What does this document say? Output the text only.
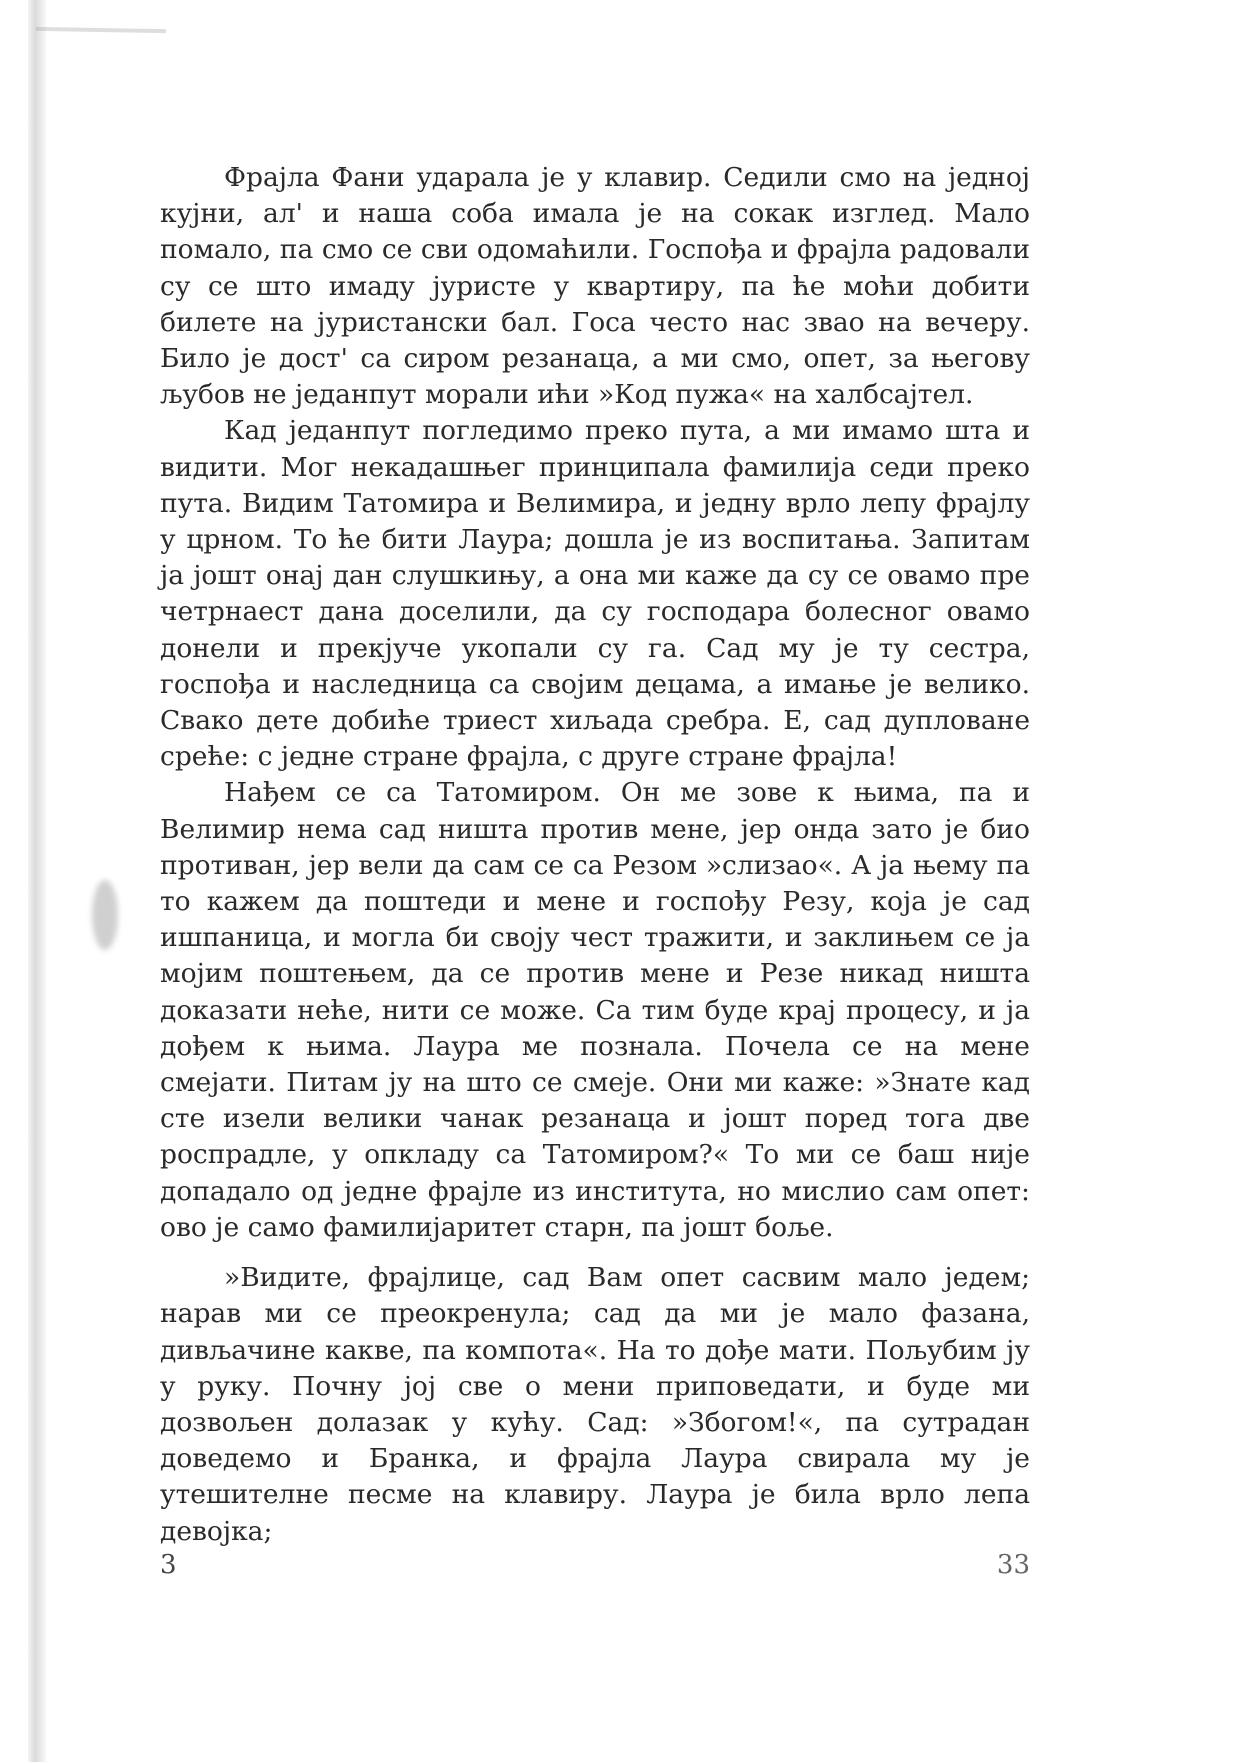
Фрајла Фани ударала је у клавир. Седили смо на једној кујни, ал' и наша соба имала је на сокак изглед. Мало помало, па смо се сви одомаћили. Госпођа и фрајла радовали су се што имаду јуристе у квартиру, па ће моћи добити билете на јуристански бал. Госа често нас звао на вечеру. Било је дост' са сиром резанаца, а ми смо, опет, за његову љубов не једанпут морали ићи »Код пужа« на халбсајтел.

Кад једанпут погледимо преко пута, а ми имамо шта и видити. Мог некадашњег принципала фамилија седи преко пута. Видим Татомира и Велимира, и једну врло лепу фрајлу у црном. То ће бити Лаура; дошла је из воспитања. Запитам ја јошт онај дан слушкињу, а она ми каже да су се овамо пре четрнаест дана доселили, да су господара болесног овамо донели и прекјуче укопали су га. Сад му је ту сестра, госпођа и наследница са својим децама, а имање је велико. Свако дете добиће триест хиљада сребра. Е, сад дупловане среће: с једне стране фрајла, с друге стране фрајла!

Нађем се са Татомиром. Он ме зове к њима, па и Велимир нема сад ништа против мене, јер онда зато је био противан, јер вели да сам се са Резом »слизао«. А ја њему па то кажем да поштеди и мене и госпођу Резу, која је сад ишпаница, и могла би своју чест тражити, и заклињем се ја мојим поштењем, да се против мене и Резе никад ништа доказати неће, нити се може. Са тим буде крај процесу, и ја дођем к њима. Лаура ме познала. Почела се на мене смејати. Питам ју на што се смеје. Они ми каже: »Знате кад сте изели велики чанак резанаца и јошт поред тога две роспрадле, у опкладу са Татомиром?« То ми се баш није допадало од једне фрајле из института, но мислио сам опет: ово је само фамилијаритет старн, па јошт боље.

»Видите, фрајлице, сад Вам опет сасвим мало једем; нарав ми се преокренула; сад да ми је мало фазана, дивљачине какве, па компота«. На то дође мати. Пољубим ју у руку. Почну јој све о мени приповедати, и буде ми дозвољен долазак у кућу. Сад: »Збогом!«, па сутрадан доведемо и Бранка, и фрајла Лаура свирала му је утешителне песме на клавиру. Лаура је била врло лепа девојка;

3	33
